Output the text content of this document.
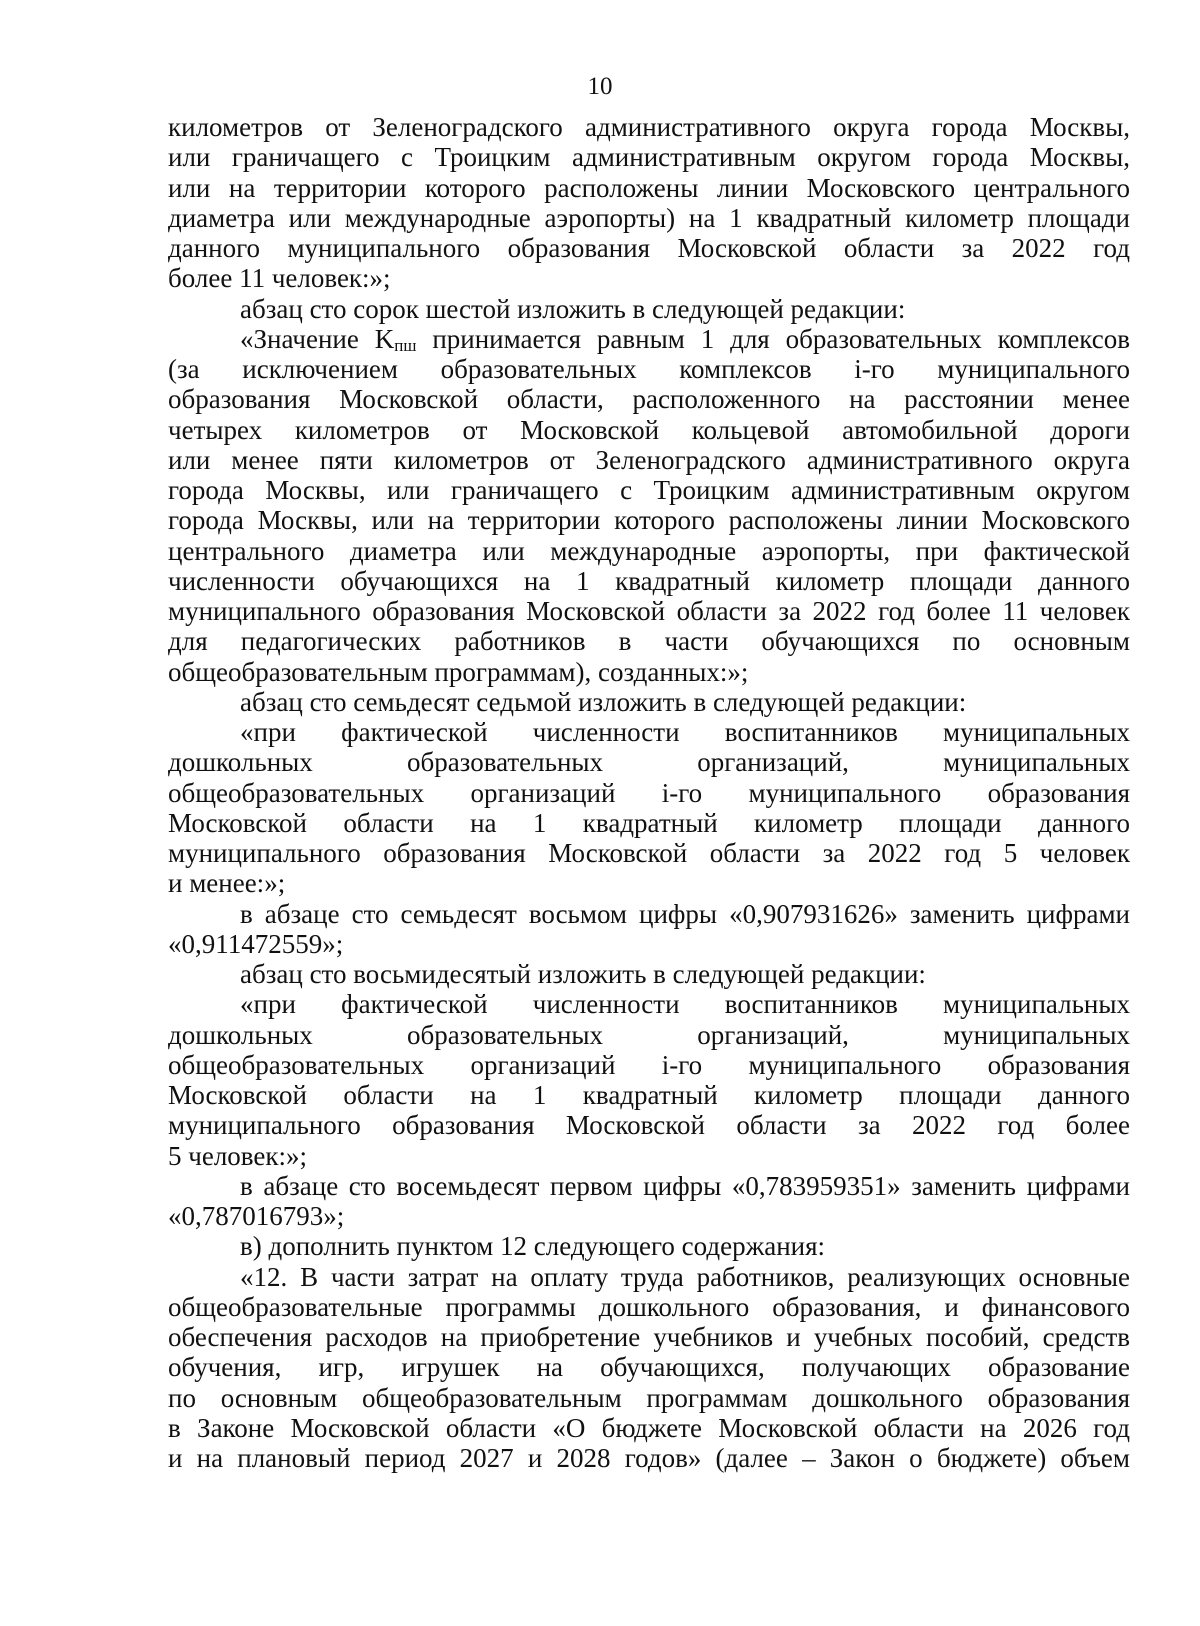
10

километров от Зеленоградского административного округа города Москвы,

или граничащего с Троицким административным округом города Москвы,

или на территории которого расположены линии Московского центрального

диаметра или международные аэропорты) на 1 квадратный километр площади

данного муниципального образования Московской области за 2022 год

более 11 человек:»;

абзац сто сорок шестой изложить в следующей редакции:

«Значение $K_{пш}$ принимается равным 1 для образовательных комплексов

(за исключением образовательных комплексов i-го муниципального

образования Московской области, расположенного на расстоянии менее

четырех километров от Московской кольцевой автомобильной дороги

или менее пяти километров от Зеленоградского административного округа

города Москвы, или граничащего с Троицким административным округом

города Москвы, или на территории которого расположены линии Московского

центрального диаметра или международные аэропорты, при фактической

численности обучающихся на 1 квадратный километр площади данного

муниципального образования Московской области за 2022 год более 11 человек

для педагогических работников в части обучающихся по основным

общеобразовательным программам), созданных:»;

абзац сто семьдесят седьмой изложить в следующей редакции:

«при фактической численности воспитанников муниципальных

дошкольных образовательных организаций, муниципальных

общеобразовательных организаций i-го муниципального образования

Московской области на 1 квадратный километр площади данного

муниципального образования Московской области за 2022 год 5 человек

и менее:»;

в абзаце сто семьдесят восьмом цифры «0,907931626» заменить цифрами

«0,911472559»;

абзац сто восьмидесятый изложить в следующей редакции:

«при фактической численности воспитанников муниципальных

дошкольных образовательных организаций, муниципальных

общеобразовательных организаций i-го муниципального образования

Московской области на 1 квадратный километр площади данного

муниципального образования Московской области за 2022 год более

5 человек:»;

в абзаце сто восемьдесят первом цифры «0,783959351» заменить цифрами

«0,787016793»;

в) дополнить пунктом 12 следующего содержания:

«12. В части затрат на оплату труда работников, реализующих основные

общеобразовательные программы дошкольного образования, и финансового

обеспечения расходов на приобретение учебников и учебных пособий, средств

обучения, игр, игрушек на обучающихся, получающих образование

по основным общеобразовательным программам дошкольного образования

в Законе Московской области «О бюджете Московской области на 2026 год

и на плановый период 2027 и 2028 годов» (далее – Закон о бюджете) объем
